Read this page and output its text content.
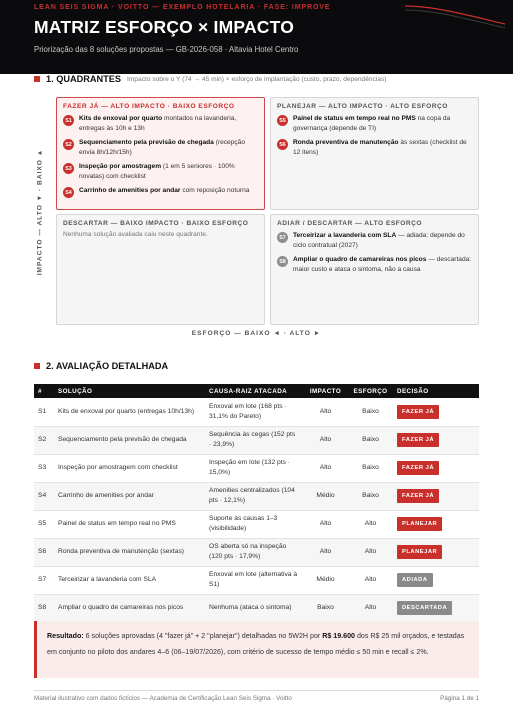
LEAN SEIS SIGMA · VOITTO — EXEMPLO HOTELARIA · FASE: IMPROVE
MATRIZ ESFORÇO × IMPACTO
Priorização das 8 soluções propostas — GB-2026-058 · Altavia Hotel Centro
1. QUADRANTES Impacto sobre o Y (74 → 45 min) × esforço de implantação (custo, prazo, dependências)
IMPACTO — ALTO ▼ · BAIXO ▲
FAZER JÁ — ALTO IMPACTO · BAIXO ESFORÇO
S1	Kits de enxoval por quarto montados na lavanderia, entregas às 10h e 13h
S2	Sequenciamento pela previsão de chegada (recepção envia 8h/12h/15h)
S3	Inspeção por amostragem (1 em 5 seniores · 100% novatas) com checklist
S4	Carrinho de amenities por andar com reposição noturna
PLANEJAR — ALTO IMPACTO · ALTO ESFORÇO
S5	Painel de status em tempo real no PMS na copa da governança (depende de TI)
S6	Ronda preventiva de manutenção às sextas (checklist de 12 itens)
DESCARTAR — BAIXO IMPACTO · BAIXO ESFORÇO
Nenhuma solução avaliada caiu neste quadrante.
ADIAR / DESCARTAR — ALTO ESFORÇO
S7	Terceirizar a lavanderia com SLA — adiada: depende do ciclo contratual (2027)
S8	Ampliar o quadro de camareiras nos picos — descartada: maior custo e ataca o sintoma, não a causa
ESFORÇO — BAIXO ◄ · ALTO ►
2. AVALIAÇÃO DETALHADA
#	SOLUÇÃO	CAUSA-RAIZ ATACADA	IMPACTO	ESFORÇO	DECISÃO
S1	Kits de enxoval por quarto (entregas 10h/13h)	Enxoval em lote (168 pts · 31,1% do Pareto)	Alto	Baixo	FAZER JÁ
S2	Sequenciamento pela previsão de chegada	Sequência às cegas (152 pts · 23,9%)	Alto	Baixo	FAZER JÁ
S3	Inspeção por amostragem com checklist	Inspeção em lote (132 pts · 15,0%)	Alto	Baixo	FAZER JÁ
S4	Carrinho de amenities por andar	Amenities centralizados (104 pts · 12,1%)	Médio	Baixo	FAZER JÁ
S5	Painel de status em tempo real no PMS	Suporte às causas 1–3 (visibilidade)	Alto	Alto	PLANEJAR
S6	Ronda preventiva de manutenção (sextas)	OS aberta só na inspeção (120 pts · 17,9%)	Alto	Alto	PLANEJAR
S7	Terceirizar a lavanderia com SLA	Enxoval em lote (alternativa à S1)	Médio	Alto	ADIADA
S8	Ampliar o quadro de camareiras nos picos	Nenhuma (ataca o sintoma)	Baixo	Alto	DESCARTADA
Resultado: 6 soluções aprovadas (4 "fazer já" + 2 "planejar") detalhadas no 5W2H por R$ 19.600 dos R$ 25 mil orçados, e testadas em conjunto no piloto dos andares 4–6 (06–19/07/2026), com critério de sucesso de tempo médio ≤ 50 min e recall ≤ 2%.
Material ilustrativo com dados fictícios — Academia de Certificação Lean Seis Sigma · Voitto	Página 1 de 1
